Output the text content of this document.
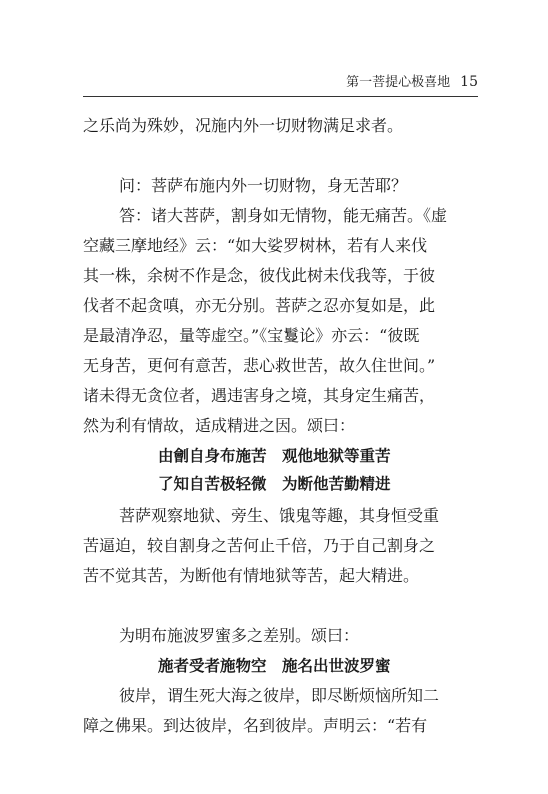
第一菩提心极喜地 15
之乐尚为殊妙，况施内外一切财物满足求者。
问：菩萨布施内外一切财物，身无苦耶？
答：诸大菩萨，割身如无情物，能无痛苦。《虚
空藏三摩地经》云：“如大娑罗树林，若有人来伐
其一株，余树不作是念，彼伐此树未伐我等，于彼
伐者不起贪嗔，亦无分别。菩萨之忍亦复如是，此
是最清净忍，量等虚空。”《宝鬘论》亦云：“彼既
无身苦，更何有意苦，悲心救世苦，故久住世间。”
诸未得无贪位者，遇违害身之境，其身定生痛苦，
然为利有情故，适成精进之因。颂曰：
由劊自身布施苦　观他地狱等重苦
了知自苦极轻微　为断他苦勤精进
菩萨观察地狱、旁生、饿鬼等趣，其身恒受重
苦逼迫，较自割身之苦何止千倍，乃于自己割身之
苦不觉其苦，为断他有情地狱等苦，起大精进。
为明布施波罗蜜多之差别。颂曰：
施者受者施物空　施名出世波罗蜜
彼岸，谓生死大海之彼岸，即尽断烦恼所知二
障之佛果。到达彼岸，名到彼岸。声明云：“若有
